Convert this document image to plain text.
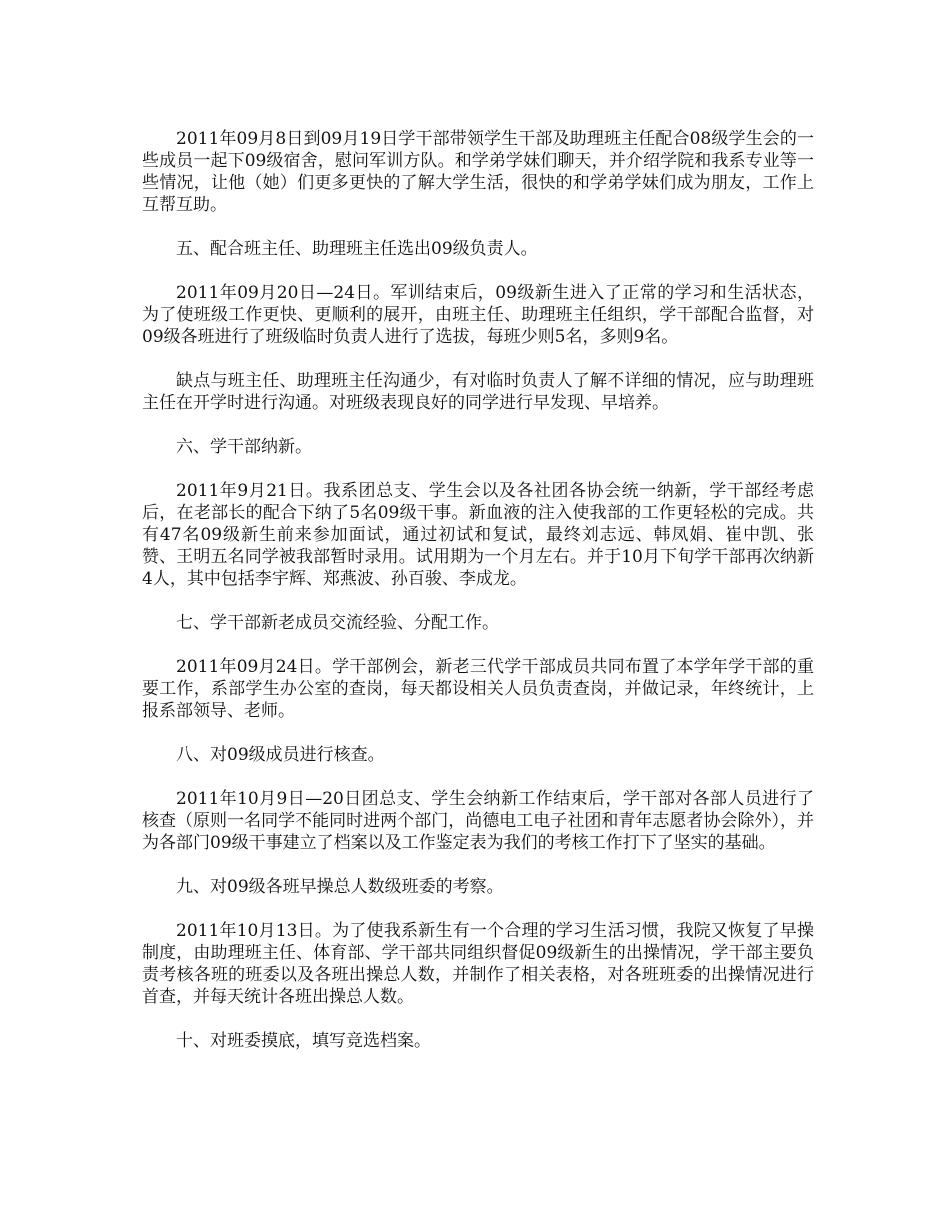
2011年09月8日到09月19日学干部带领学生干部及助理班主任配合08级学生会的一些成员一起下09级宿舍，慰问军训方队。和学弟学妹们聊天，并介绍学院和我系专业等一些情况，让他（她）们更多更快的了解大学生活，很快的和学弟学妹们成为朋友，工作上互帮互助。

五、配合班主任、助理班主任选出09级负责人。

2011年09月20日—24日。军训结束后，09级新生进入了正常的学习和生活状态，为了使班级工作更快、更顺利的展开，由班主任、助理班主任组织，学干部配合监督，对09级各班进行了班级临时负责人进行了选拔，每班少则5名，多则9名。

缺点与班主任、助理班主任沟通少，有对临时负责人了解不详细的情况，应与助理班主任在开学时进行沟通。对班级表现良好的同学进行早发现、早培养。

六、学干部纳新。

2011年9月21日。我系团总支、学生会以及各社团各协会统一纳新，学干部经考虑后，在老部长的配合下纳了5名09级干事。新血液的注入使我部的工作更轻松的完成。共有47名09级新生前来参加面试，通过初试和复试，最终刘志远、韩凤娟、崔中凯、张赞、王明五名同学被我部暂时录用。试用期为一个月左右。并于10月下旬学干部再次纳新4人，其中包括李宇辉、郑燕波、孙百骏、李成龙。

七、学干部新老成员交流经验、分配工作。

2011年09月24日。学干部例会，新老三代学干部成员共同布置了本学年学干部的重要工作，系部学生办公室的查岗，每天都设相关人员负责查岗，并做记录，年终统计，上报系部领导、老师。

八、对09级成员进行核查。

2011年10月9日—20日团总支、学生会纳新工作结束后，学干部对各部人员进行了核查（原则一名同学不能同时进两个部门，尚德电工电子社团和青年志愿者协会除外），并为各部门09级干事建立了档案以及工作鉴定表为我们的考核工作打下了坚实的基础。

九、对09级各班早操总人数级班委的考察。

2011年10月13日。为了使我系新生有一个合理的学习生活习惯，我院又恢复了早操制度，由助理班主任、体育部、学干部共同组织督促09级新生的出操情况，学干部主要负责考核各班的班委以及各班出操总人数，并制作了相关表格，对各班班委的出操情况进行首查，并每天统计各班出操总人数。

十、对班委摸底，填写竞选档案。
